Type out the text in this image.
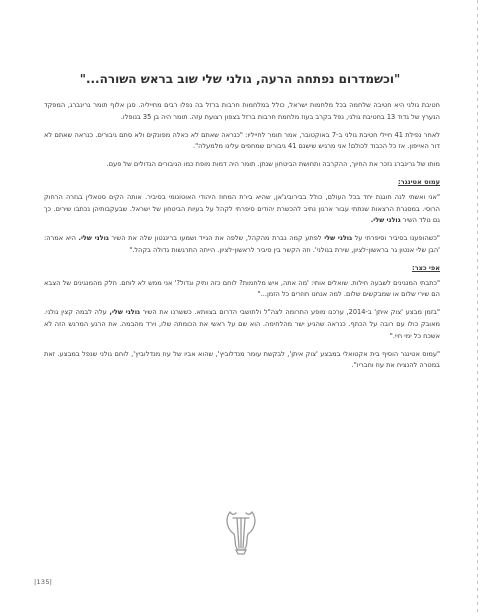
"וכשמדרום נפתחה הרעה, גולני שלי שוב בראש השורה..."

חטיבת גולני היא חטיבה שלחמה בכל מלחמות ישראל, כולל במלחמות חרבות ברזל בה נפלו רבים מחייליה. סגן אלוף תומר גרינברג, המפקד הנערץ של גדוד 13 בחטיבת גולני, נפל בקרב בעוז מלחמת חרבות ברזל בצפון רצועת עזה. תומר היה בן 35 בנופלו.

לאחר נפילת 41 חיילי חטיבת גולני ב-7 באוקטובר, אמר תומר לחייליו: "כנראה שאתם לא כאלה מפונקים ולא סתם גיבורים. כנראה שאתם לא דור האייפון. אז כל הכבוד לכולם! אני מרגיש שישנם 41 גיבורים שמחפים עלינו מלמעלה".

מותו של גרינברג נזכר את החיוך, ההקרבה ותחושת הביטחון שנתן. תומר היה דמות מופת כמו הגיבורים הגדולים של פעם.

עמוס אטינגר:

"אני ואשתי לנה חוגגת יחד בכל העולם, כולל בבירוביג'אן, שהיא בירת המחוז היהודי האוטונומי בסיביר. אותה הקים סטאלין בגזרה הרחוק הרוסי. במסגרת הרצאות שנתתי עבור ארגון נתיב להכשרת יהודים סיפרתי לקהל על בעיות הביטחון של ישראל. שבעקבותיהן נכתבו שירים. כך גם נולד השיר גולני שלי.

"כשהופענו בסיביר וסיפרתי על גולני שלי לפתע קמה גברת מהקהל, שלפה את הגייד ושמעו ברינגטון שלה את השיר גולני שלי. היא אמרה: 'הבן שלי אנטון גר בראשון-לציון, שירת בגולני'. וזה הקשר בין סיביר לראשון-לציון. הייתה התרגשות גדולה בקהל."

אפי כצר:

"כתבתי המנגינים לשבעה חילות. שואלים אותי: 'מה אתה, איש מלחמות? לוחם כזה ותיק וגדול?' אני ממש לא לוחם. חלק מהמנגינים של הצבא הם שירי שלום או שמבקשים שלום. למה אנחנו חוזרים כל הזמן..."

"בזמן מבצע 'צוק איתן' ב-2014, ערכנו מופע התרומה לצה"ל ולתושבי הדרום בצוותא. כששרנו את השיר גולני שלי, עלה לבמה קצין גולני. מאובק כולו עם רובה על הכתף. כנראה שהגיע ישר מהלחימה. הוא שם על ראשי את הכומתה שלו, וירד מהבמה. את הרגע המרגש הזה לא אשכח כל ימי חיי."

"עמוס אטינגר הוסיף בית אקטואלי במבצע 'צוק איתן', לבקשת עומר מנדלוביץ', שהוא אביו של עוז מנדלוביץ', לוחם גולני שנפל במבצע. זאת במטרה להנציח את עוז וחבריו".

|135|
